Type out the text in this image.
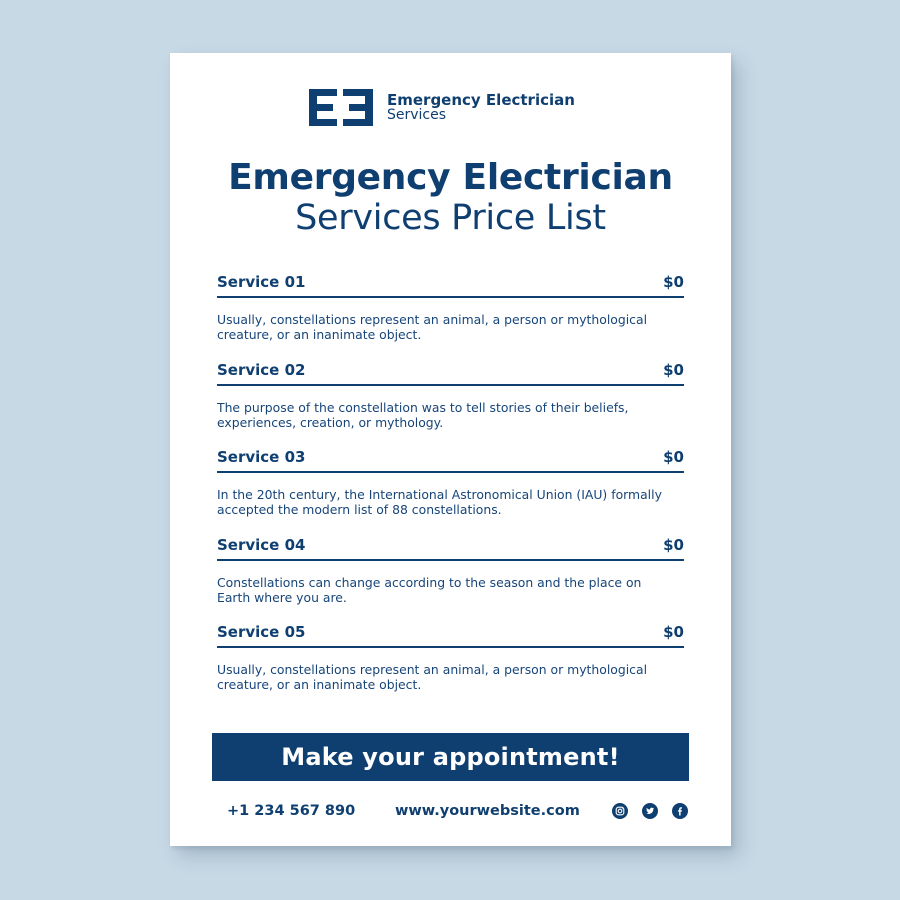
Emergency Electrician
Services
Emergency Electrician
Services Price List
Service 01	$0
Usually, constellations represent an animal, a person or mythological creature, or an inanimate object.
Service 02	$0
The purpose of the constellation was to tell stories of their beliefs, experiences, creation, or mythology.
Service 03	$0
In the 20th century, the International Astronomical Union (IAU) formally accepted the modern list of 88 constellations.
Service 04	$0
Constellations can change according to the season and the place on Earth where you are.
Service 05	$0
Usually, constellations represent an animal, a person or mythological creature, or an inanimate object.
Make your appointment!
+1 234 567 890	www.yourwebsite.com
